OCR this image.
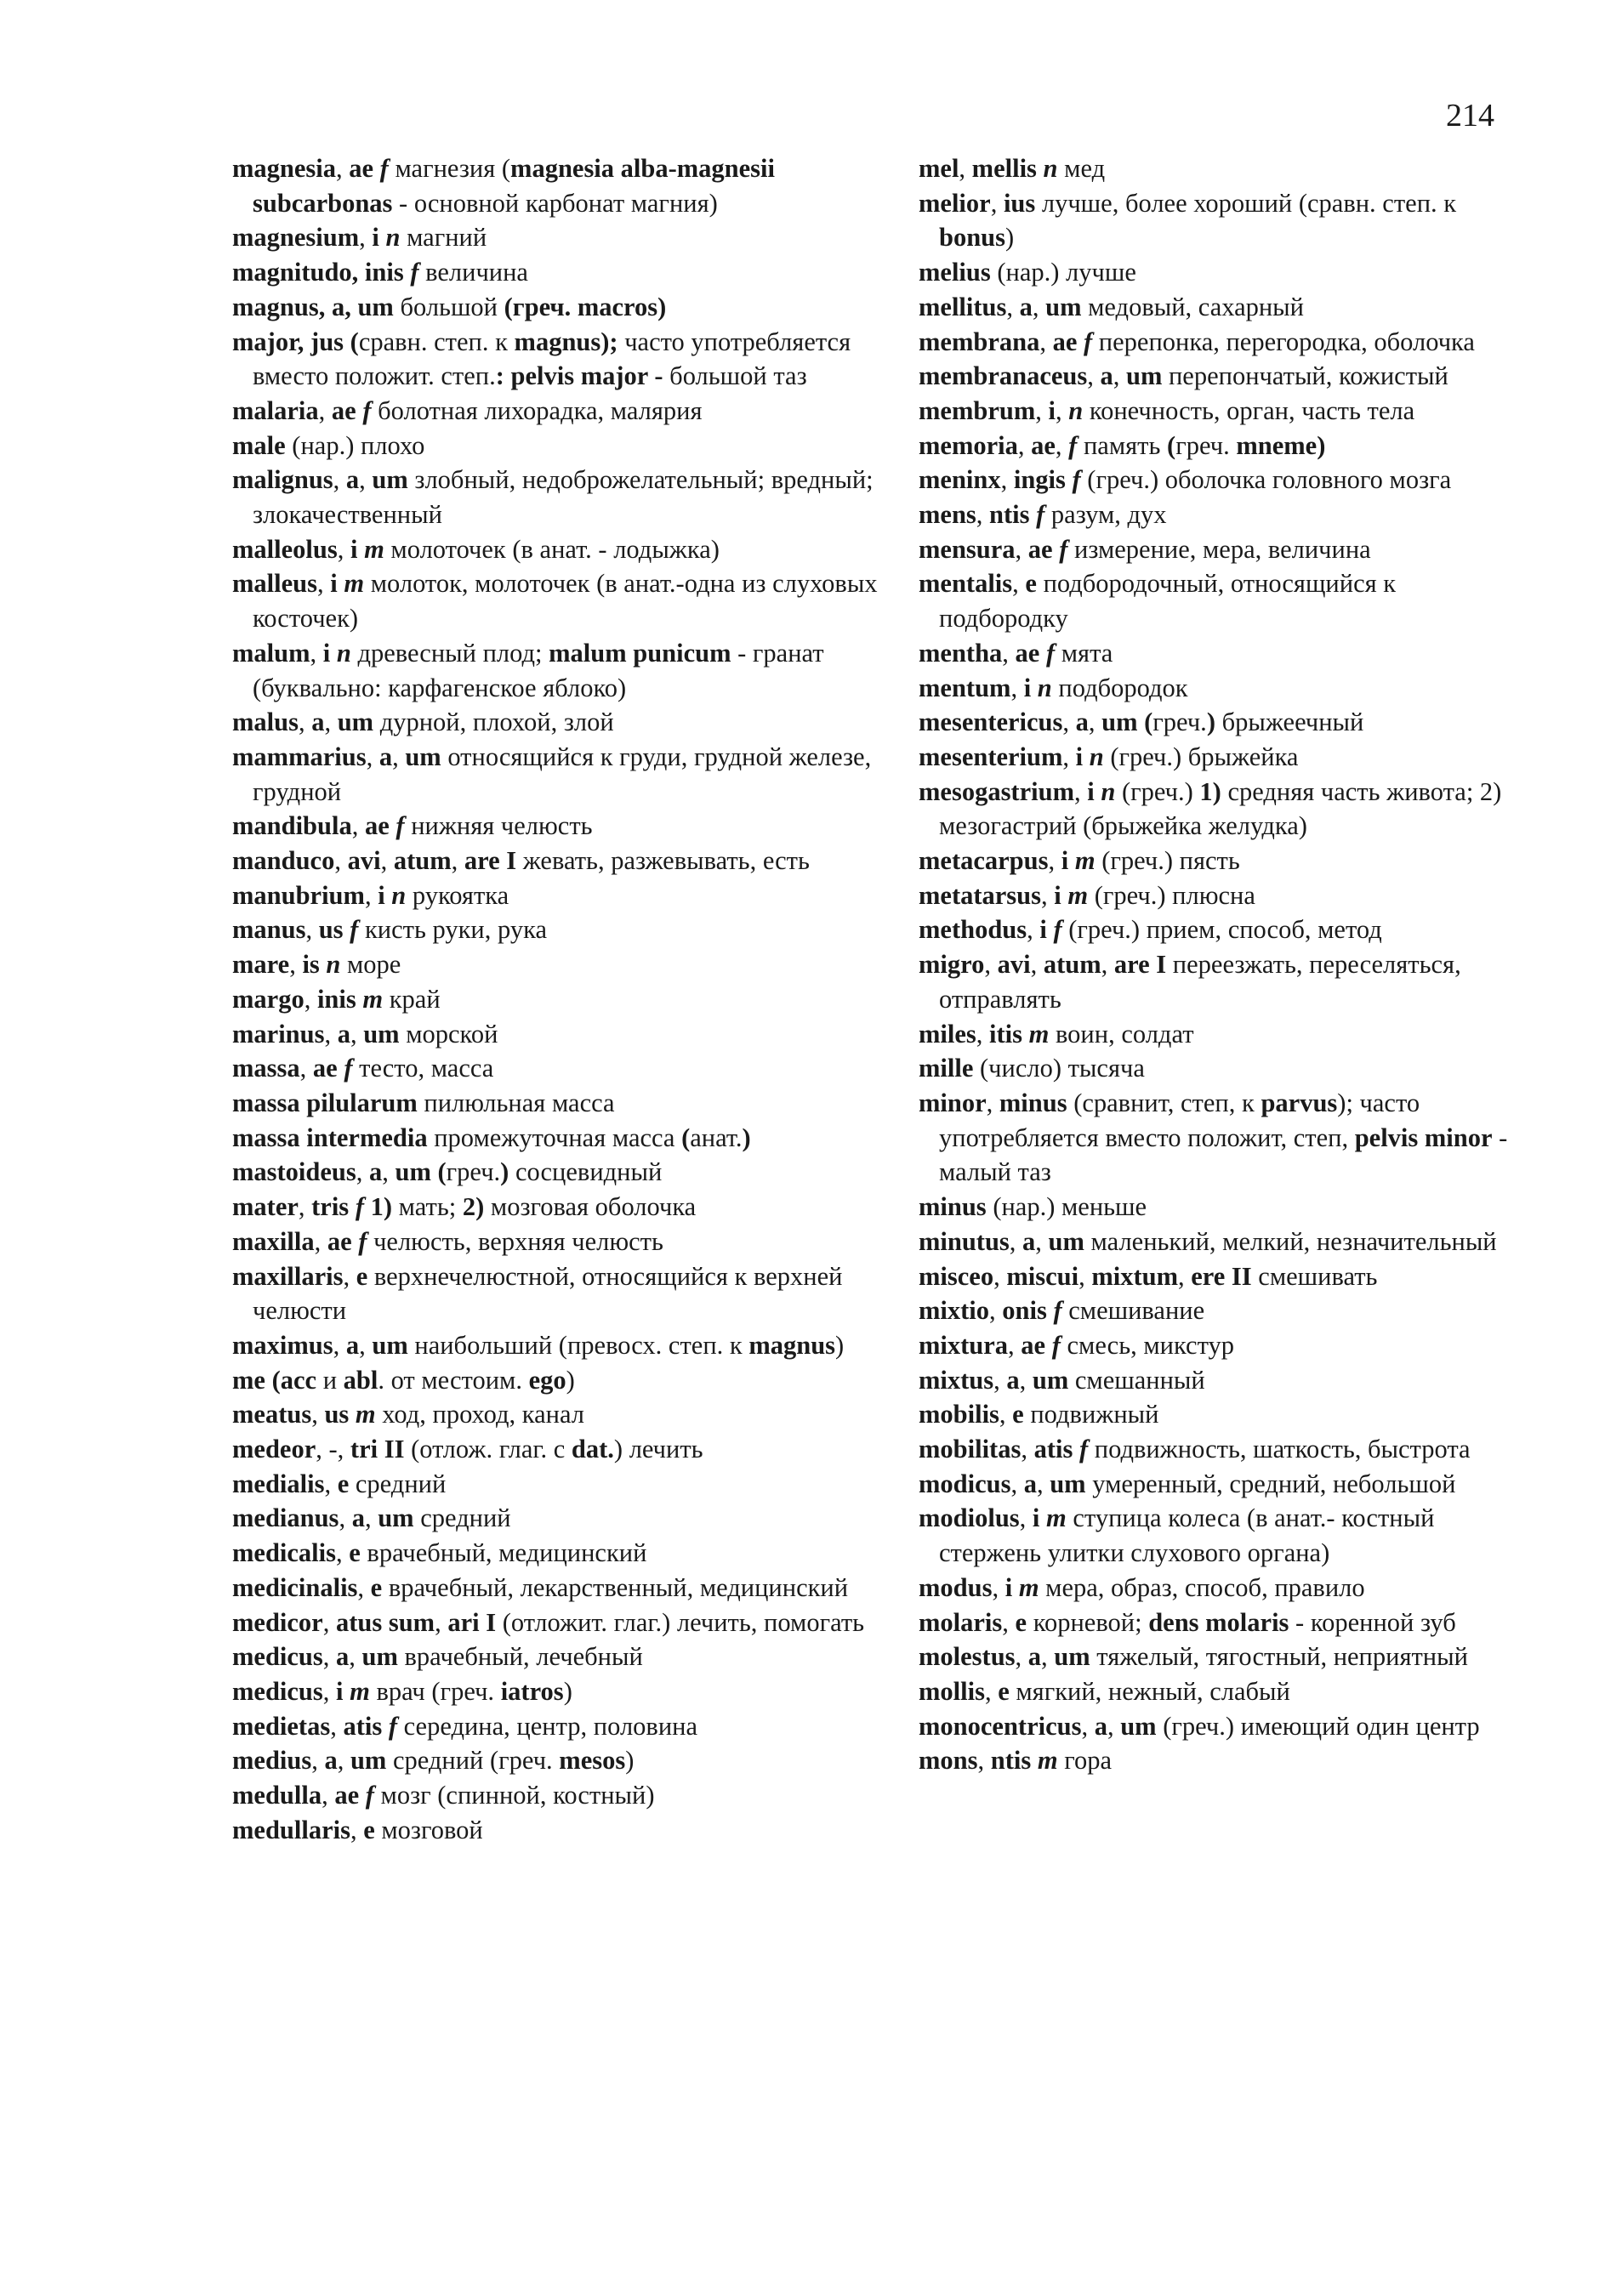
214
magnesia, ae f магнезия (magnesia alba-magnesii subcarbonas - основной карбонат магния)
magnesium, i n магний
magnitudo, inis f величина
magnus, a, um большой (греч. macros)
major, jus (сравн. степ. к magnus); часто употребляется вместо положит. степ.: pelvis major - большой таз
malaria, ae f болотная лихорадка, малярия
male (нар.) плохо
malignus, a, um злобный, недоброжелательный; вредный; злокачественный
malleolus, i m молоточек (в анат. - лодыжка)
malleus, i m молоток, молоточек (в анат.-одна из слуховых косточек)
malum, i n древесный плод; malum punicum - гранат (буквально: карфагенское яблоко)
malus, a, um дурной, плохой, злой
mammarius, a, um относящийся к груди, грудной железе, грудной
mandibula, ae f нижняя челюсть
manduco, avi, atum, are I жевать, разжевывать, есть
manubrium, i n рукоятка
manus, us f кисть руки, рука
mare, is n море
margo, inis m край
marinus, a, um морской
massa, ae f тесто, масса
massa pilularum пилюльная масса
massa intermedia промежуточная масса (анат.)
mastoideus, a, um (греч.) сосцевидный
mater, tris f 1) мать; 2) мозговая оболочка
maxilla, ae f челюсть, верхняя челюсть
maxillaris, e верхнечелюстной, относящийся к верхней челюсти
maximus, a, um наибольший (превосх. степ. к magnus)
me (acc и abl. от местоим. ego)
meatus, us m ход, проход, канал
medeor, -, tri II (отлож. глаг. с dat.) лечить
medialis, e средний
medianus, a, um средний
medicalis, e врачебный, медицинский
medicinalis, e врачебный, лекарственный, медицинский
medicor, atus sum, ari I (отложит. глаг.) лечить, помогать
medicus, a, um врачебный, лечебный
medicus, i m врач (греч. iatros)
medietas, atis f середина, центр, половина
medius, a, um средний (греч. mesos)
medulla, ae f мозг (спинной, костный)
medullaris, e мозговой
mel, mellis n мед
melior, ius лучше, более хороший (сравн. степ. к bonus)
melius (нар.) лучше
mellitus, a, um медовый, сахарный
membrana, ae f перепонка, перегородка, оболочка
membranaceus, a, um перепончатый, кожистый
membrum, i, n конечность, орган, часть тела
memoria, ae, f память (греч. mneme)
meninx, ingis f (греч.) оболочка головного мозга
mens, ntis f разум, дух
mensura, ae f измерение, мера, величина
mentalis, e подбородочный, относящийся к подбородку
mentha, ae f мята
mentum, i n подбородок
mesentericus, a, um (греч.) брыжеечный
mesenterium, i n (греч.) брыжейка
mesogastrium, i n (греч.) 1) средняя часть живота; 2) мезогастрий (брыжейка желудка)
metacarpus, i m (греч.) пясть
metatarsus, i m (греч.) плюсна
methodus, i f (греч.) прием, способ, метод
migro, avi, atum, are I переезжать, переселяться, отправлять
miles, itis m воин, солдат
mille (число) тысяча
minor, minus (сравнит, степ, к parvus); часто употребляется вместо положит, степ, pelvis minor - малый таз
minus (нар.) меньше
minutus, a, um маленький, мелкий, незначительный
misceo, miscui, mixtum, ere II смешивать
mixtio, onis f смешивание
mixtura, ae f смесь, микстур
mixtus, a, um смешанный
mobilis, e подвижный
mobilitas, atis f подвижность, шаткость, быстрота
modicus, a, um умеренный, средний, небольшой
modiolus, i m ступица колеса (в анат.- костный стержень улитки слухового органа)
modus, i m мера, образ, способ, правило
molaris, e корневой; dens molaris - коренной зуб
molestus, a, um тяжелый, тягостный, неприятный
mollis, e мягкий, нежный, слабый
monocentricus, a, um (греч.) имеющий один центр
mons, ntis m гора
